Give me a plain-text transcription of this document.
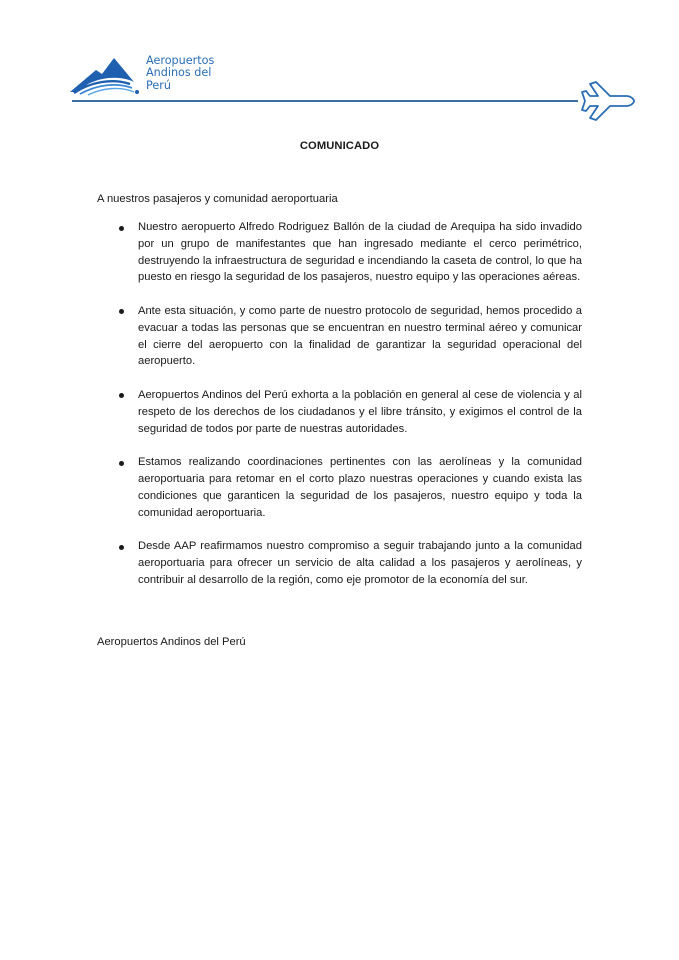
Aeropuertos
Andinos del
Perú
COMUNICADO
A nuestros pasajeros y comunidad aeroportuaria
Nuestro aeropuerto Alfredo Rodriguez Ballón de la ciudad de Arequipa ha sido invadido por un grupo de manifestantes que han ingresado mediante el cerco perimétrico, destruyendo la infraestructura de seguridad e incendiando la caseta de control, lo que ha puesto en riesgo la seguridad de los pasajeros, nuestro equipo y las operaciones aéreas.
Ante esta situación, y como parte de nuestro protocolo de seguridad, hemos procedido a evacuar a todas las personas que se encuentran en nuestro terminal aéreo y comunicar el cierre del aeropuerto con la finalidad de garantizar la seguridad operacional del aeropuerto.
Aeropuertos Andinos del Perú exhorta a la población en general al cese de violencia y al respeto de los derechos de los ciudadanos y el libre tránsito, y exigimos el control de la seguridad de todos por parte de nuestras autoridades.
Estamos realizando coordinaciones pertinentes con las aerolíneas y la comunidad aeroportuaria para retomar en el corto plazo nuestras operaciones y cuando exista las condiciones que garanticen la seguridad de los pasajeros, nuestro equipo y toda la comunidad aeroportuaria.
Desde AAP reafirmamos nuestro compromiso a seguir trabajando junto a la comunidad aeroportuaria para ofrecer un servicio de alta calidad a los pasajeros y aerolíneas, y contribuir al desarrollo de la región, como eje promotor de la economía del sur.
Aeropuertos Andinos del Perú
